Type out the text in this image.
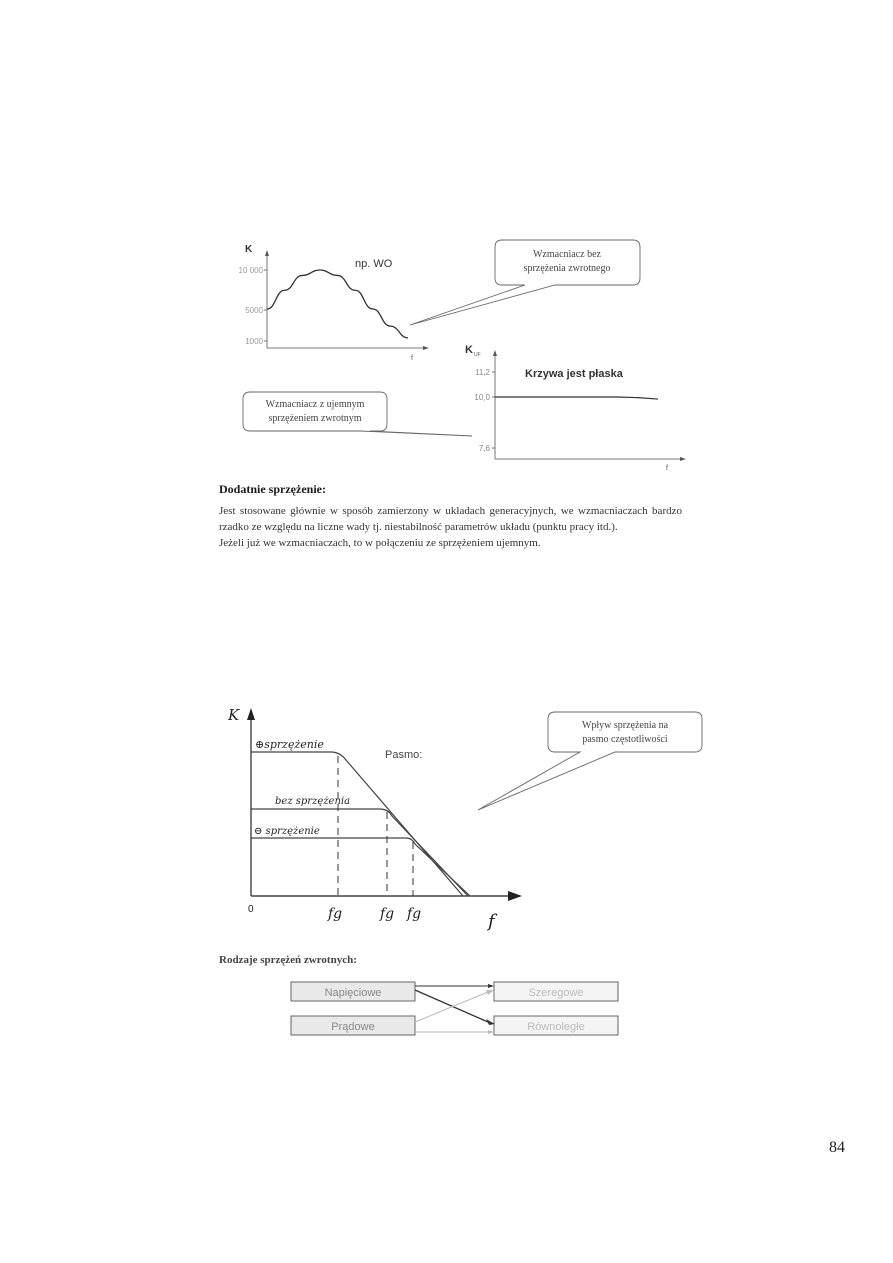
K
f
10 000
5000
1000
np. WO
Wzmacniacz bez
sprzężenia zwrotnego
K UF
f
11,2
10,0
7,6
Krzywa jest płaska
Wzmacniacz z ujemnym
sprzężeniem zwrotnym
Dodatnie sprzężenie:

Jest stosowane głównie w sposób zamierzony w układach generacyjnych, we wzmacniaczach bardzo rzadko ze względu na liczne wady tj. niestabilność parametrów układu (punktu pracy itd.).

Jeżeli już we wzmacniaczach, to w połączeniu ze sprzężeniem ujemnym.

K
f
0
⊕sprzężenie
bez sprzężenia
⊖ sprzężenie
fg	fg fg
Pasmo:
Wpływ sprzężenia na
pasmo częstotliwości
Rodzaje sprzężeń zwrotnych:
Napięciowe
Prądowe
Szeregowe
Równoległe
84
